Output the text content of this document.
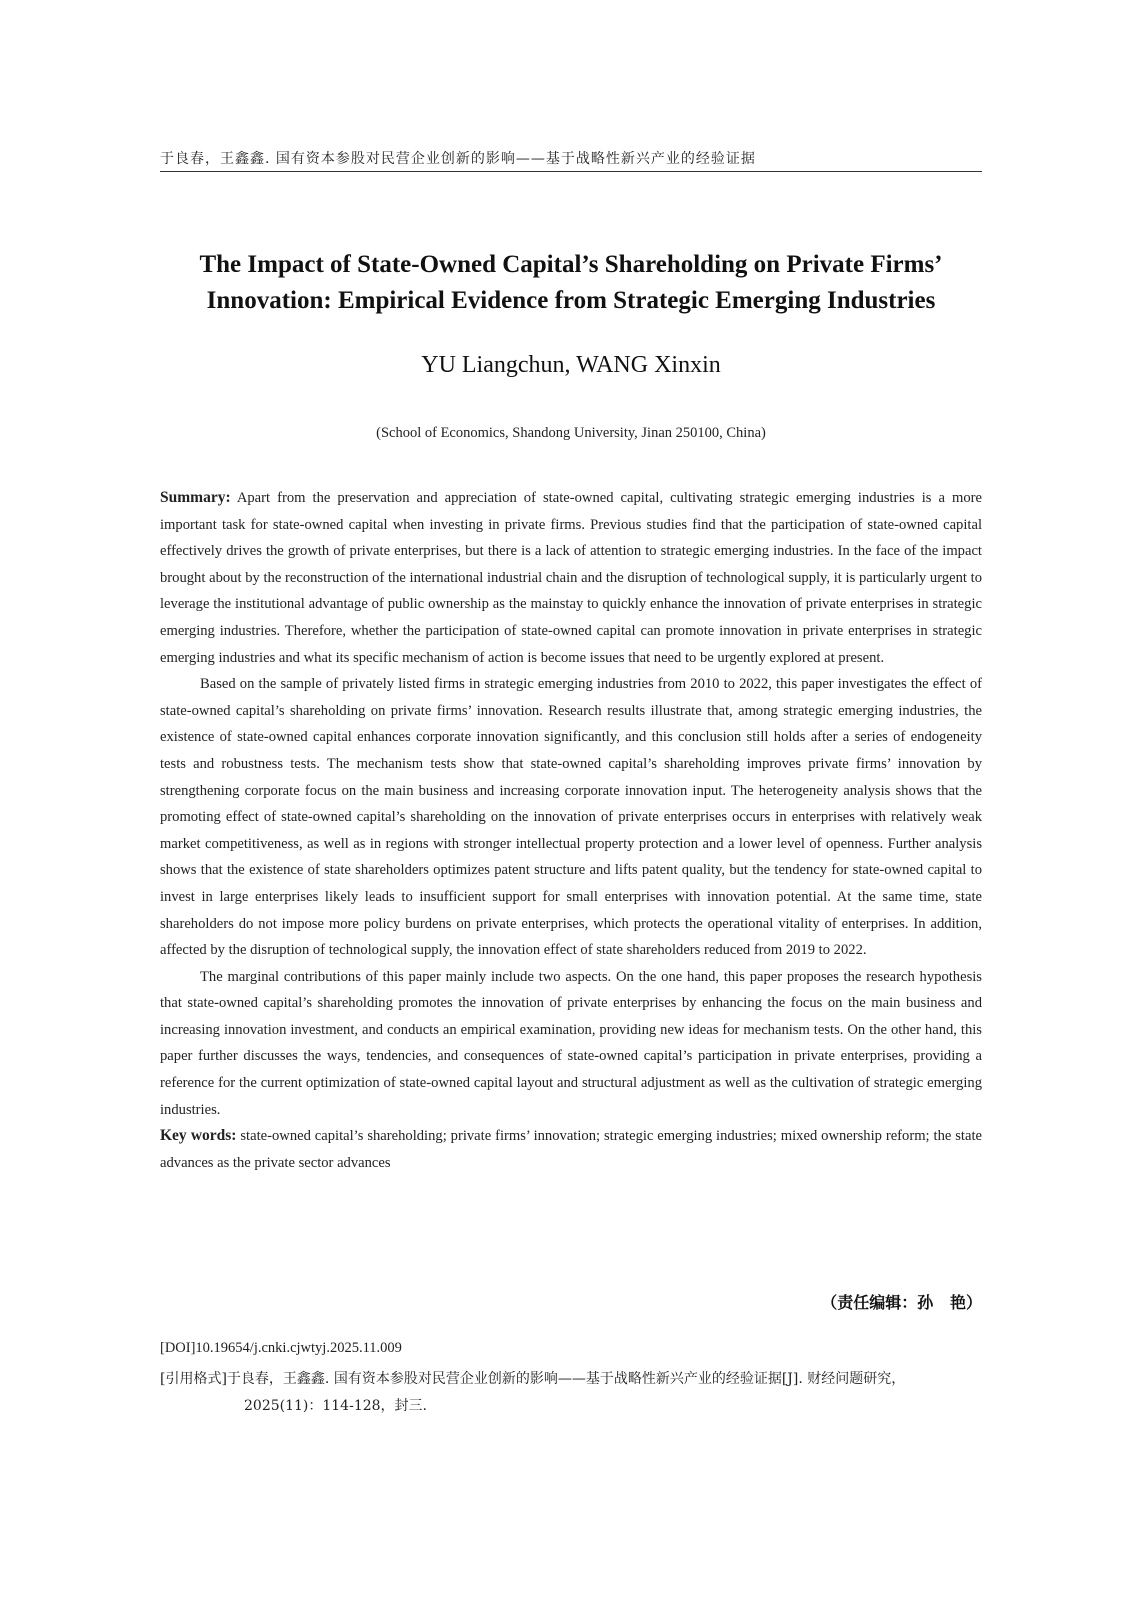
于良春，王鑫鑫. 国有资本参股对民营企业创新的影响——基于战略性新兴产业的经验证据
The Impact of State-Owned Capital’s Shareholding on Private Firms’
Innovation: Empirical Evidence from Strategic Emerging Industries
YU Liangchun, WANG Xinxin
(School of Economics, Shandong University, Jinan 250100, China)

Summary: Apart from the preservation and appreciation of state-owned capital, cultivating strategic emerging industries is a more important task for state-owned capital when investing in private firms. Previous studies find that the participation of state-owned capital effectively drives the growth of private enterprises, but there is a lack of attention to strategic emerging industries. In the face of the impact brought about by the reconstruction of the international industrial chain and the disruption of technological supply, it is particularly urgent to leverage the institutional advantage of public ownership as the mainstay to quickly enhance the innovation of private enterprises in strategic emerging industries. Therefore, whether the participation of state-owned capital can promote innovation in private enterprises in strategic emerging industries and what its specific mechanism of action is become issues that need to be urgently explored at present.

Based on the sample of privately listed firms in strategic emerging industries from 2010 to 2022, this paper investigates the effect of state-owned capital’s shareholding on private firms’ innovation. Research results illustrate that, among strategic emerging industries, the existence of state-owned capital enhances corporate innovation significantly, and this conclusion still holds after a series of endogeneity tests and robustness tests. The mechanism tests show that state-owned capital’s shareholding improves private firms’ innovation by strengthening corporate focus on the main business and increasing corporate innovation input. The heterogeneity analysis shows that the promoting effect of state-owned capital’s shareholding on the innovation of private enterprises occurs in enterprises with relatively weak market competitiveness, as well as in regions with stronger intellectual property protection and a lower level of openness. Further analysis shows that the existence of state shareholders optimizes patent structure and lifts patent quality, but the tendency for state-owned capital to invest in large enterprises likely leads to insufficient support for small enterprises with innovation potential. At the same time, state shareholders do not impose more policy burdens on private enterprises, which protects the operational vitality of enterprises. In addition, affected by the disruption of technological supply, the innovation effect of state shareholders reduced from 2019 to 2022.

The marginal contributions of this paper mainly include two aspects. On the one hand, this paper proposes the research hypothesis that state-owned capital’s shareholding promotes the innovation of private enterprises by enhancing the focus on the main business and increasing innovation investment, and conducts an empirical examination, providing new ideas for mechanism tests. On the other hand, this paper further discusses the ways, tendencies, and consequences of state-owned capital’s participation in private enterprises, providing a reference for the current optimization of state-owned capital layout and structural adjustment as well as the cultivation of strategic emerging industries.

Key words: state-owned capital’s shareholding; private firms’ innovation; strategic emerging industries; mixed ownership reform; the state advances as the private sector advances

（责任编辑：孙   艳）
[DOI]10.19654/j.cnki.cjwtyj.2025.11.009
[引用格式]于良春，王鑫鑫. 国有资本参股对民营企业创新的影响——基于战略性新兴产业的经验证据[J]. 财经问题研究，2025(11)：114-128，封三.
